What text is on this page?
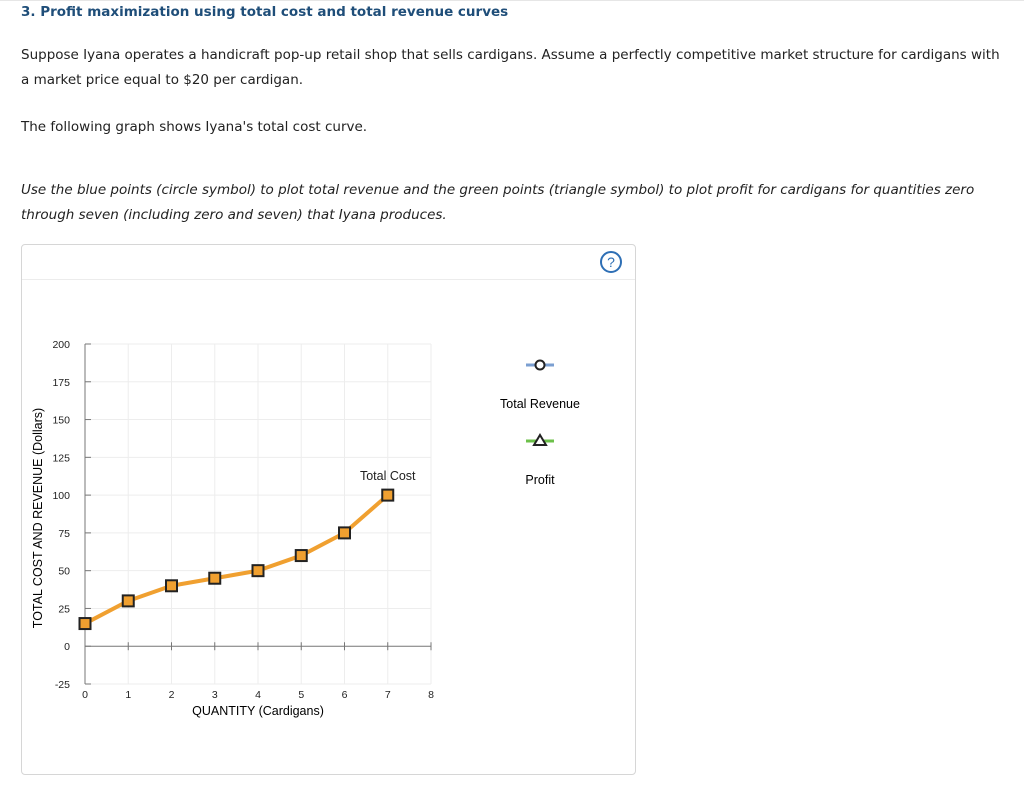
3. Profit maximization using total cost and total revenue curves
Suppose Iyana operates a handicraft pop-up retail shop that sells cardigans. Assume a perfectly competitive market structure for cardigans with a market price equal to $20 per cardigan.
The following graph shows Iyana's total cost curve.
Use the blue points (circle symbol) to plot total revenue and the green points (triangle symbol) to plot profit for cardigans for quantities zero through seven (including zero and seven) that Iyana produces.
?
QUANTITY (Cardigans)
TOTAL COST AND REVENUE (Dollars)
-25
0
25
50
75
100
125
150
175
200
0	1	2	3	4	5	6	7	8
Total Cost
Total Revenue
Profit
